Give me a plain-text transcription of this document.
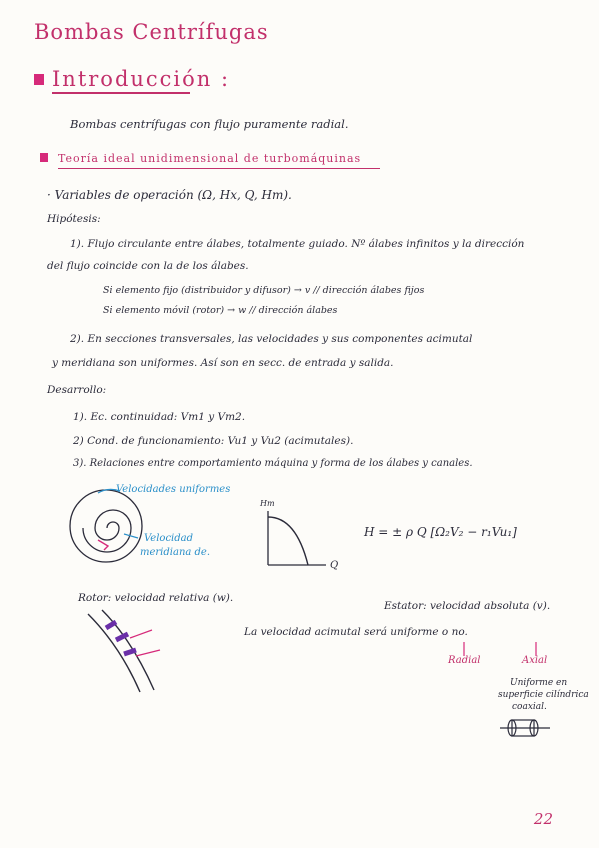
Bombas Centrífugas
Introducción :
Bombas centrífugas con flujo puramente radial.
Teoría ideal unidimensional de turbomáquinas
· Variables de operación (Ω, Hx, Q, Hm).
Hipótesis:
1). Flujo circulante entre álabes, totalmente guiado. Nº álabes infinitos y la dirección
del flujo coincide con la de los álabes.
Si elemento fijo (distribuidor y difusor) → v // dirección álabes fijos
Si elemento móvil (rotor) → w // dirección álabes
2). En secciones transversales, las velocidades y sus componentes acimutal
y meridiana son uniformes. Así son en secc. de entrada y salida.
Desarrollo:
1). Ec. continuidad: Vm1 y Vm2.
2) Cond. de funcionamiento: Vu1 y Vu2 (acimutales).
3). Relaciones entre comportamiento máquina y forma de los álabes y canales.
Velocidades uniformes
Velocidad
meridiana de.
Hm
Q
H = ± ρ Q [Ω₂V₂ − r₁Vu₁]
Rotor: velocidad relativa (w).
Estator: velocidad absoluta (v).
La velocidad acimutal será uniforme o no.
Radial	Axial
Uniforme en
superficie cilíndrica
coaxial.
22
